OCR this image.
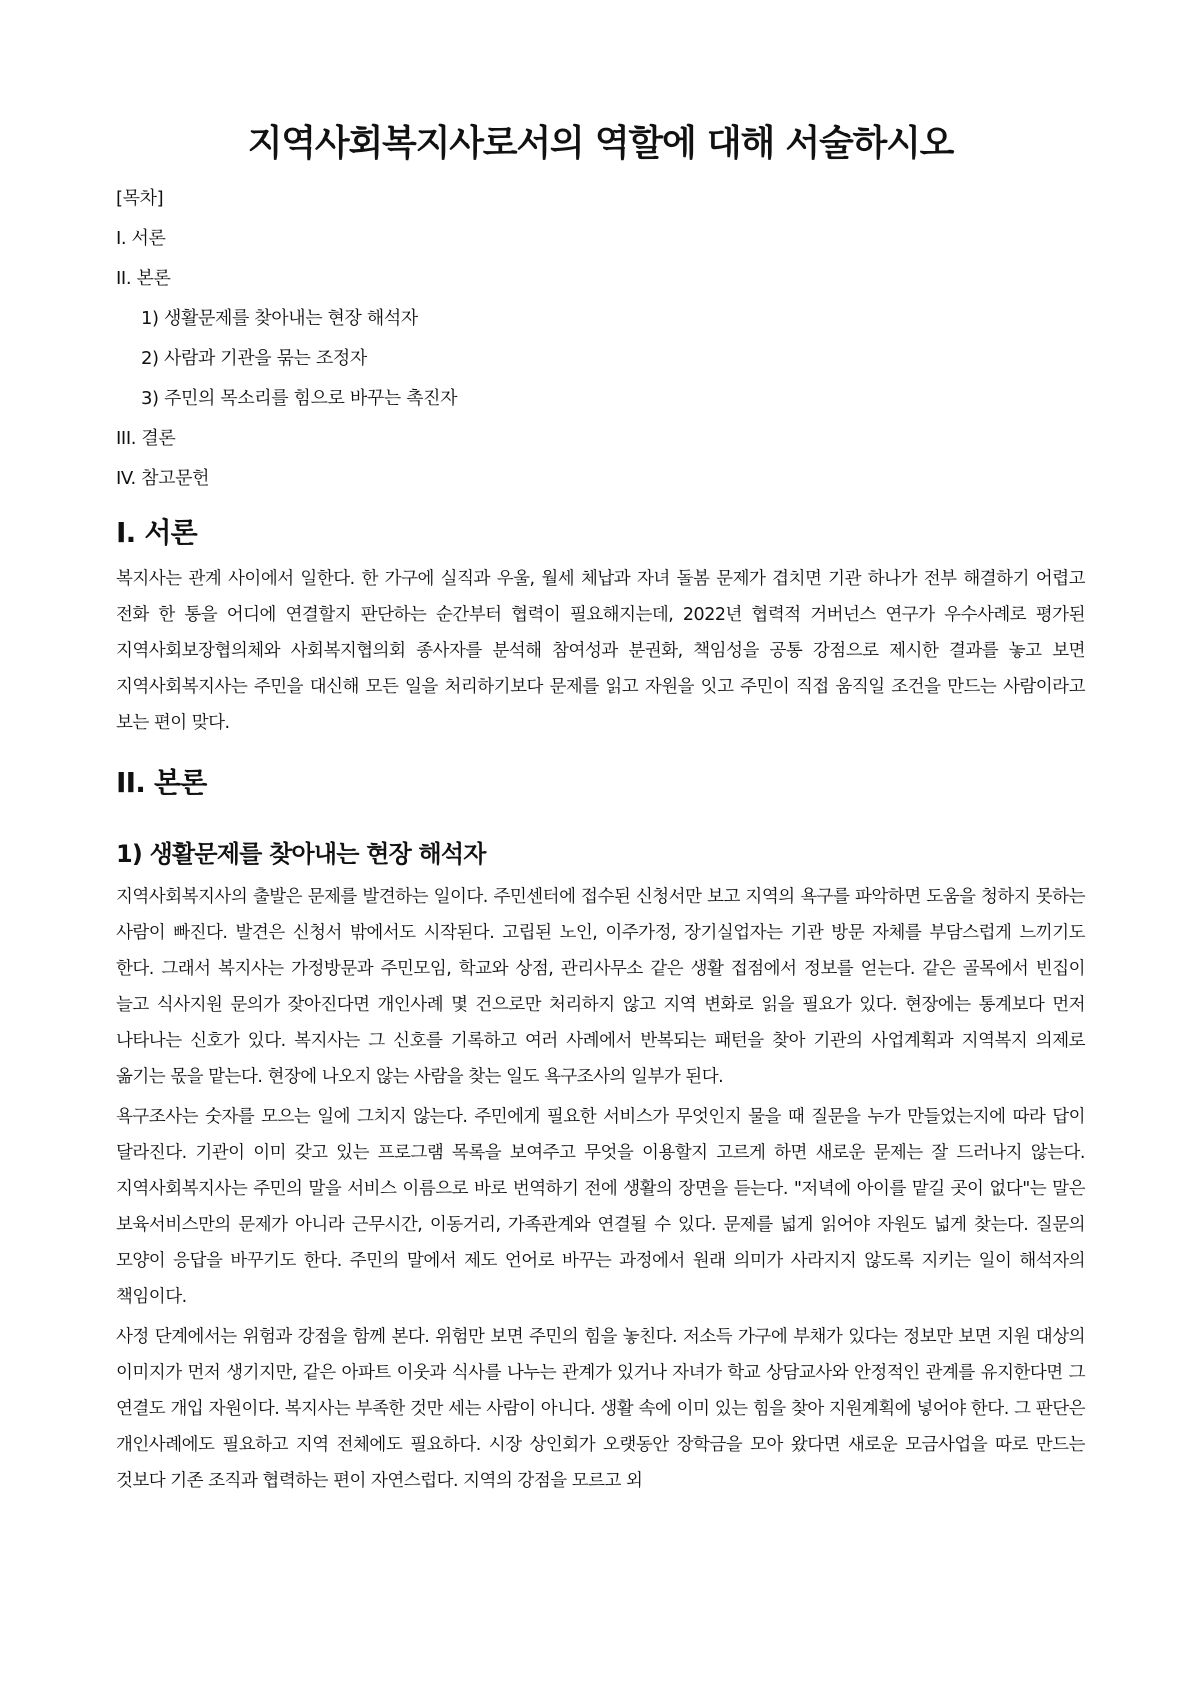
지역사회복지사로서의 역할에 대해 서술하시오
[목차]
I. 서론
II. 본론
1) 생활문제를 찾아내는 현장 해석자
2) 사람과 기관을 묶는 조정자
3) 주민의 목소리를 힘으로 바꾸는 촉진자
III. 결론
IV. 참고문헌
I. 서론

복지사는 관계 사이에서 일한다. 한 가구에 실직과 우울, 월세 체납과 자녀 돌봄 문제가 겹치면 기관 하나가 전부 해결하기 어렵고 전화 한 통을 어디에 연결할지 판단하는 순간부터 협력이 필요해지는데, 2022년 협력적 거버넌스 연구가 우수사례로 평가된 지역사회보장협의체와 사회복지협의회 종사자를 분석해 참여성과 분권화, 책임성을 공통 강점으로 제시한 결과를 놓고 보면 지역사회복지사는 주민을 대신해 모든 일을 처리하기보다 문제를 읽고 자원을 잇고 주민이 직접 움직일 조건을 만드는 사람이라고 보는 편이 맞다.

II. 본론
1) 생활문제를 찾아내는 현장 해석자

지역사회복지사의 출발은 문제를 발견하는 일이다. 주민센터에 접수된 신청서만 보고 지역의 욕구를 파악하면 도움을 청하지 못하는 사람이 빠진다. 발견은 신청서 밖에서도 시작된다. 고립된 노인, 이주가정, 장기실업자는 기관 방문 자체를 부담스럽게 느끼기도 한다. 그래서 복지사는 가정방문과 주민모임, 학교와 상점, 관리사무소 같은 생활 접점에서 정보를 얻는다. 같은 골목에서 빈집이 늘고 식사지원 문의가 잦아진다면 개인사례 몇 건으로만 처리하지 않고 지역 변화로 읽을 필요가 있다. 현장에는 통계보다 먼저 나타나는 신호가 있다. 복지사는 그 신호를 기록하고 여러 사례에서 반복되는 패턴을 찾아 기관의 사업계획과 지역복지 의제로 옮기는 몫을 맡는다. 현장에 나오지 않는 사람을 찾는 일도 욕구조사의 일부가 된다.

욕구조사는 숫자를 모으는 일에 그치지 않는다. 주민에게 필요한 서비스가 무엇인지 물을 때 질문을 누가 만들었는지에 따라 답이 달라진다. 기관이 이미 갖고 있는 프로그램 목록을 보여주고 무엇을 이용할지 고르게 하면 새로운 문제는 잘 드러나지 않는다. 지역사회복지사는 주민의 말을 서비스 이름으로 바로 번역하기 전에 생활의 장면을 듣는다. "저녁에 아이를 맡길 곳이 없다"는 말은 보육서비스만의 문제가 아니라 근무시간, 이동거리, 가족관계와 연결될 수 있다. 문제를 넓게 읽어야 자원도 넓게 찾는다. 질문의 모양이 응답을 바꾸기도 한다. 주민의 말에서 제도 언어로 바꾸는 과정에서 원래 의미가 사라지지 않도록 지키는 일이 해석자의 책임이다.

사정 단계에서는 위험과 강점을 함께 본다. 위험만 보면 주민의 힘을 놓친다. 저소득 가구에 부채가 있다는 정보만 보면 지원 대상의 이미지가 먼저 생기지만, 같은 아파트 이웃과 식사를 나누는 관계가 있거나 자녀가 학교 상담교사와 안정적인 관계를 유지한다면 그 연결도 개입 자원이다. 복지사는 부족한 것만 세는 사람이 아니다. 생활 속에 이미 있는 힘을 찾아 지원계획에 넣어야 한다. 그 판단은 개인사례에도 필요하고 지역 전체에도 필요하다. 시장 상인회가 오랫동안 장학금을 모아 왔다면 새로운 모금사업을 따로 만드는 것보다 기존 조직과 협력하는 편이 자연스럽다. 지역의 강점을 모르고 외
